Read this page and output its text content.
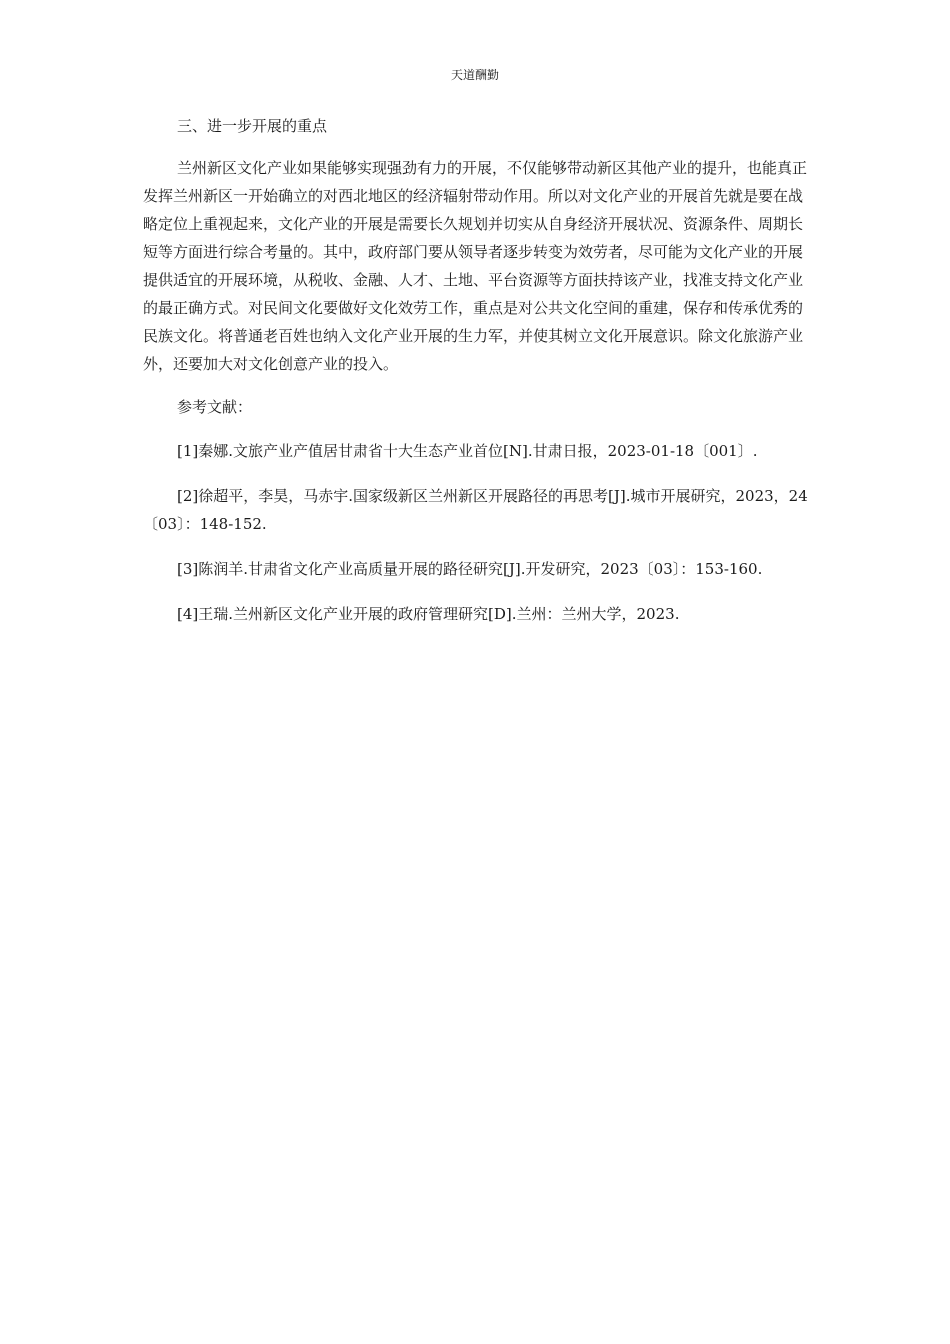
天道酬勤
三、进一步开展的重点
兰州新区文化产业如果能够实现强劲有力的开展，不仅能够带动新区其他产业的提升，也能真正发挥兰州新区一开始确立的对西北地区的经济辐射带动作用。所以对文化产业的开展首先就是要在战略定位上重视起来，文化产业的开展是需要长久规划并切实从自身经济开展状况、资源条件、周期长短等方面进行综合考量的。其中，政府部门要从领导者逐步转变为效劳者，尽可能为文化产业的开展提供适宜的开展环境，从税收、金融、人才、土地、平台资源等方面扶持该产业，找准支持文化产业的最正确方式。对民间文化要做好文化效劳工作，重点是对公共文化空间的重建，保存和传承优秀的民族文化。将普通老百姓也纳入文化产业开展的生力军，并使其树立文化开展意识。除文化旅游产业外，还要加大对文化创意产业的投入。
参考文献：
[1]秦娜.文旅产业产值居甘肃省十大生态产业首位[N].甘肃日报，2023-01-18〔001〕.
[2]徐超平，李昊，马赤宇.国家级新区兰州新区开展路径的再思考[J].城市开展研究，2023，24〔03〕：148-152.
[3]陈润羊.甘肃省文化产业高质量开展的路径研究[J].开发研究，2023〔03〕：153-160.
[4]王瑞.兰州新区文化产业开展的政府管理研究[D].兰州：兰州大学，2023.
